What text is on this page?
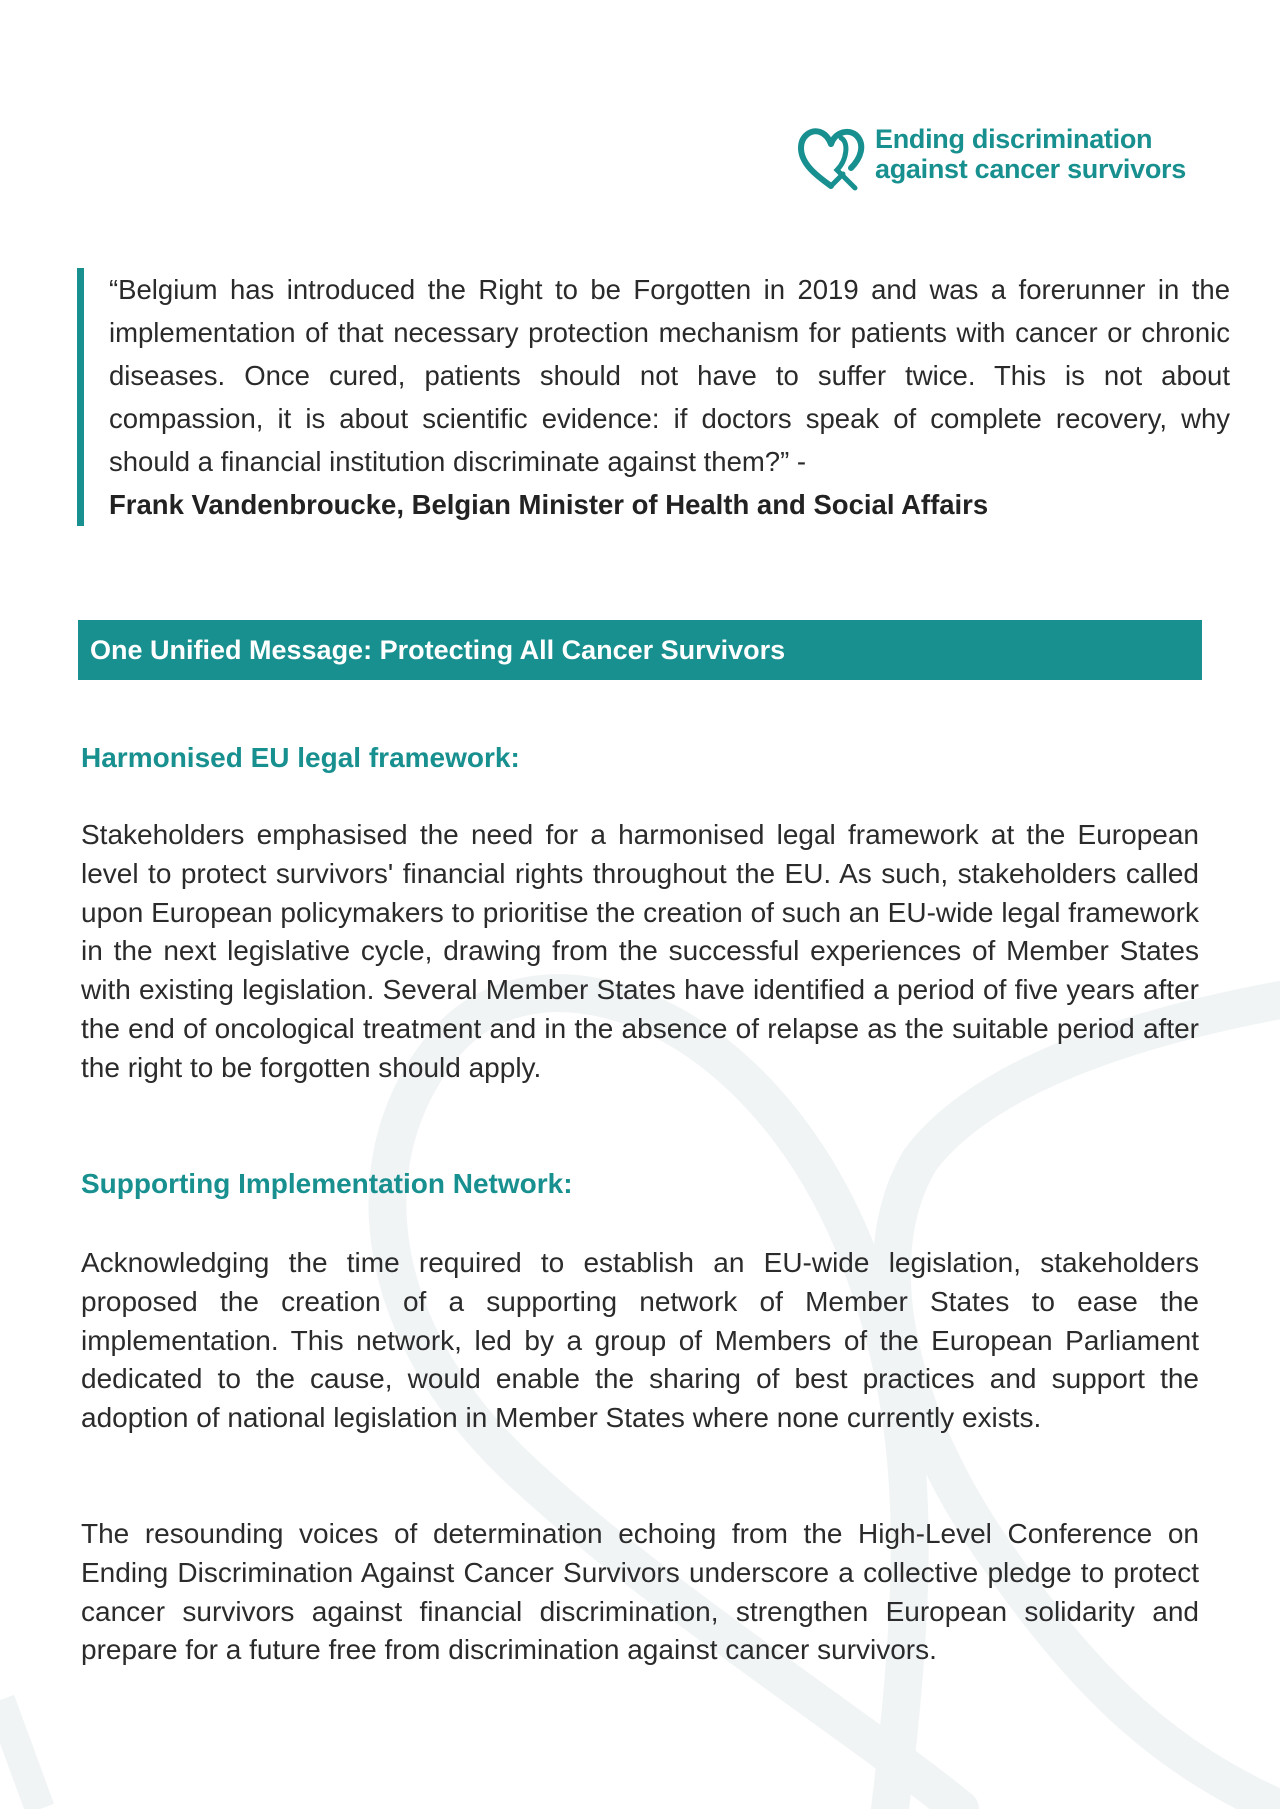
Ending discrimination
against cancer survivors

“Belgium has introduced the Right to be Forgotten in 2019 and was a forerunner in the implementation of that necessary protection mechanism for patients with cancer or chronic diseases. Once cured, patients should not have to suffer twice. This is not about compassion, it is about scientific evidence: if doctors speak of complete recovery, why should a financial institution discriminate against them?” -

Frank Vandenbroucke, Belgian Minister of Health and Social Affairs

One Unified Message: Protecting All Cancer Survivors
Harmonised EU legal framework:

Stakeholders emphasised the need for a harmonised legal framework at the European level to protect survivors' financial rights throughout the EU. As such, stakeholders called upon European policymakers to prioritise the creation of such an EU-wide legal framework in the next legislative cycle, drawing from the successful experiences of Member States with existing legislation. Several Member States have identified a period of five years after the end of oncological treatment and in the absence of relapse as the suitable period after the right to be forgotten should apply.

Supporting Implementation Network:

Acknowledging the time required to establish an EU-wide legislation, stakeholders proposed the creation of a supporting network of Member States to ease the implementation. This network, led by a group of Members of the European Parliament dedicated to the cause, would enable the sharing of best practices and support the adoption of national legislation in Member States where none currently exists.

The resounding voices of determination echoing from the High-Level Conference on Ending Discrimination Against Cancer Survivors underscore a collective pledge to protect cancer survivors against financial discrimination, strengthen European solidarity and prepare for a future free from discrimination against cancer survivors.
